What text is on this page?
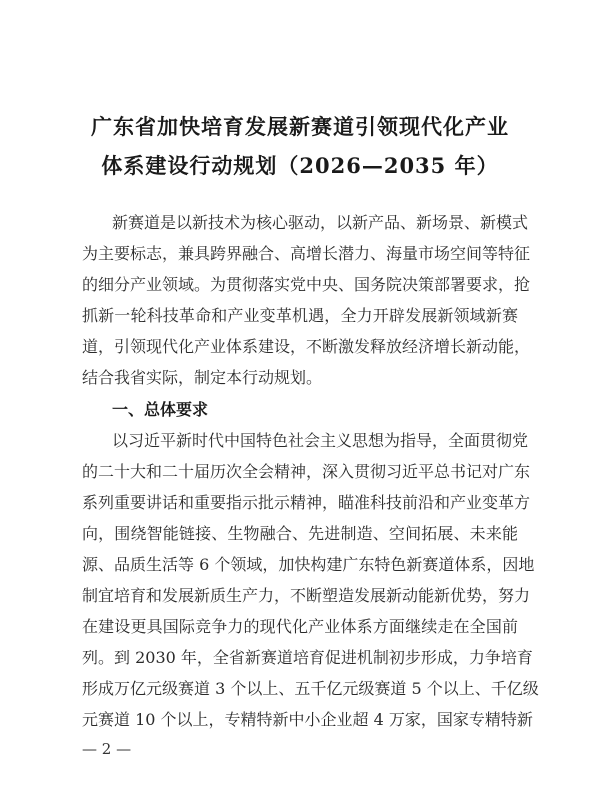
广东省加快培育发展新赛道引领现代化产业
体系建设行动规划（2026—2035 年）
新赛道是以新技术为核心驱动，以新产品、新场景、新模式
为主要标志，兼具跨界融合、高增长潜力、海量市场空间等特征
的细分产业领域。为贯彻落实党中央、国务院决策部署要求，抢
抓新一轮科技革命和产业变革机遇，全力开辟发展新领域新赛
道，引领现代化产业体系建设，不断激发释放经济增长新动能，
结合我省实际，制定本行动规划。
一、总体要求
以习近平新时代中国特色社会主义思想为指导，全面贯彻党
的二十大和二十届历次全会精神，深入贯彻习近平总书记对广东
系列重要讲话和重要指示批示精神，瞄准科技前沿和产业变革方
向，围绕智能链接、生物融合、先进制造、空间拓展、未来能
源、品质生活等 6 个领域，加快构建广东特色新赛道体系，因地
制宜培育和发展新质生产力，不断塑造发展新动能新优势，努力
在建设更具国际竞争力的现代化产业体系方面继续走在全国前
列。到 2030 年，全省新赛道培育促进机制初步形成，力争培育
形成万亿元级赛道 3 个以上、五千亿元级赛道 5 个以上、千亿级
元赛道 10 个以上，专精特新中小企业超 4 万家，国家专精特新
— 2 —
